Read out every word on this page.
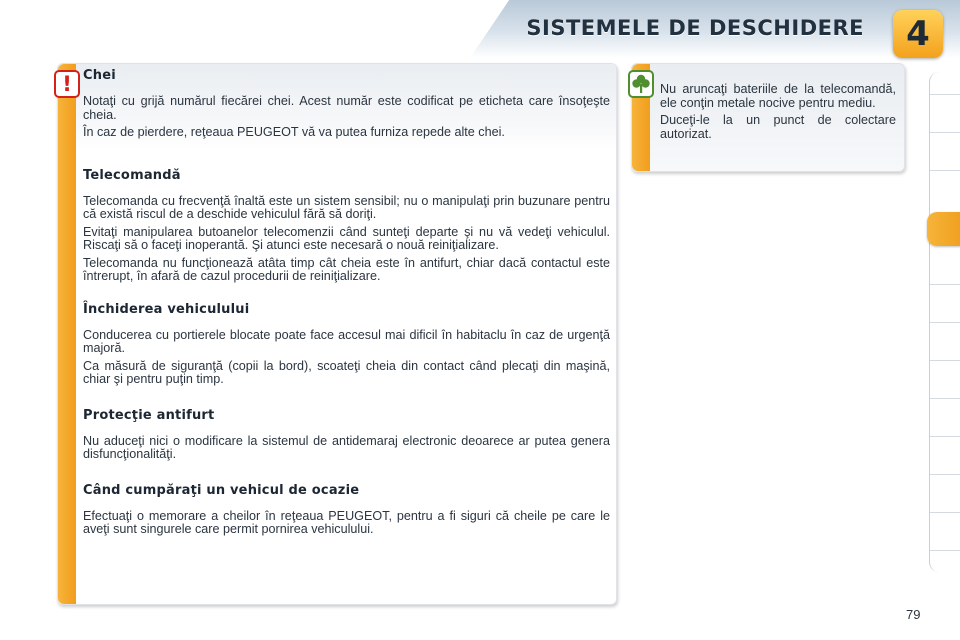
SISTEMELE DE DESCHIDERE	4
! Chei

Notaţi cu grijă numărul fiecărei chei. Acest număr este codificat pe eticheta care însoţeşte cheia.

În caz de pierdere, reţeaua PEUGEOT vă va putea furniza repede alte chei.

Telecomandă

Telecomanda cu frecvenţă înaltă este un sistem sensibil; nu o manipulaţi prin buzunare pentru că există riscul de a deschide vehiculul fără să doriţi.

Evitaţi manipularea butoanelor telecomenzii când sunteţi departe şi nu vă vedeţi vehiculul. Riscaţi să o faceţi inoperantă. Şi atunci este necesară o nouă reiniţializare.

Telecomanda nu funcţionează atâta timp cât cheia este în antifurt, chiar dacă contactul este întrerupt, în afară de cazul procedurii de reiniţializare.

Închiderea vehiculului

Conducerea cu portierele blocate poate face accesul mai dificil în habitaclu în caz de urgenţă majoră.

Ca măsură de siguranţă (copii la bord), scoateţi cheia din contact când plecaţi din maşină, chiar şi pentru puţin timp.

Protecţie antifurt

Nu aduceţi nici o modificare la sistemul de antidemaraj electronic deoarece ar putea genera disfuncţionalităţi.

Când cumpăraţi un vehicul de ocazie

Efectuaţi o memorare a cheilor în reţeaua PEUGEOT, pentru a fi siguri că cheile pe care le aveţi sunt singurele care permit pornirea vehiculului.

Nu aruncaţi bateriile de la telecomandă, ele conţin metale nocive pentru mediu.

Duceţi-le la un punct de colectare autorizat.

79
